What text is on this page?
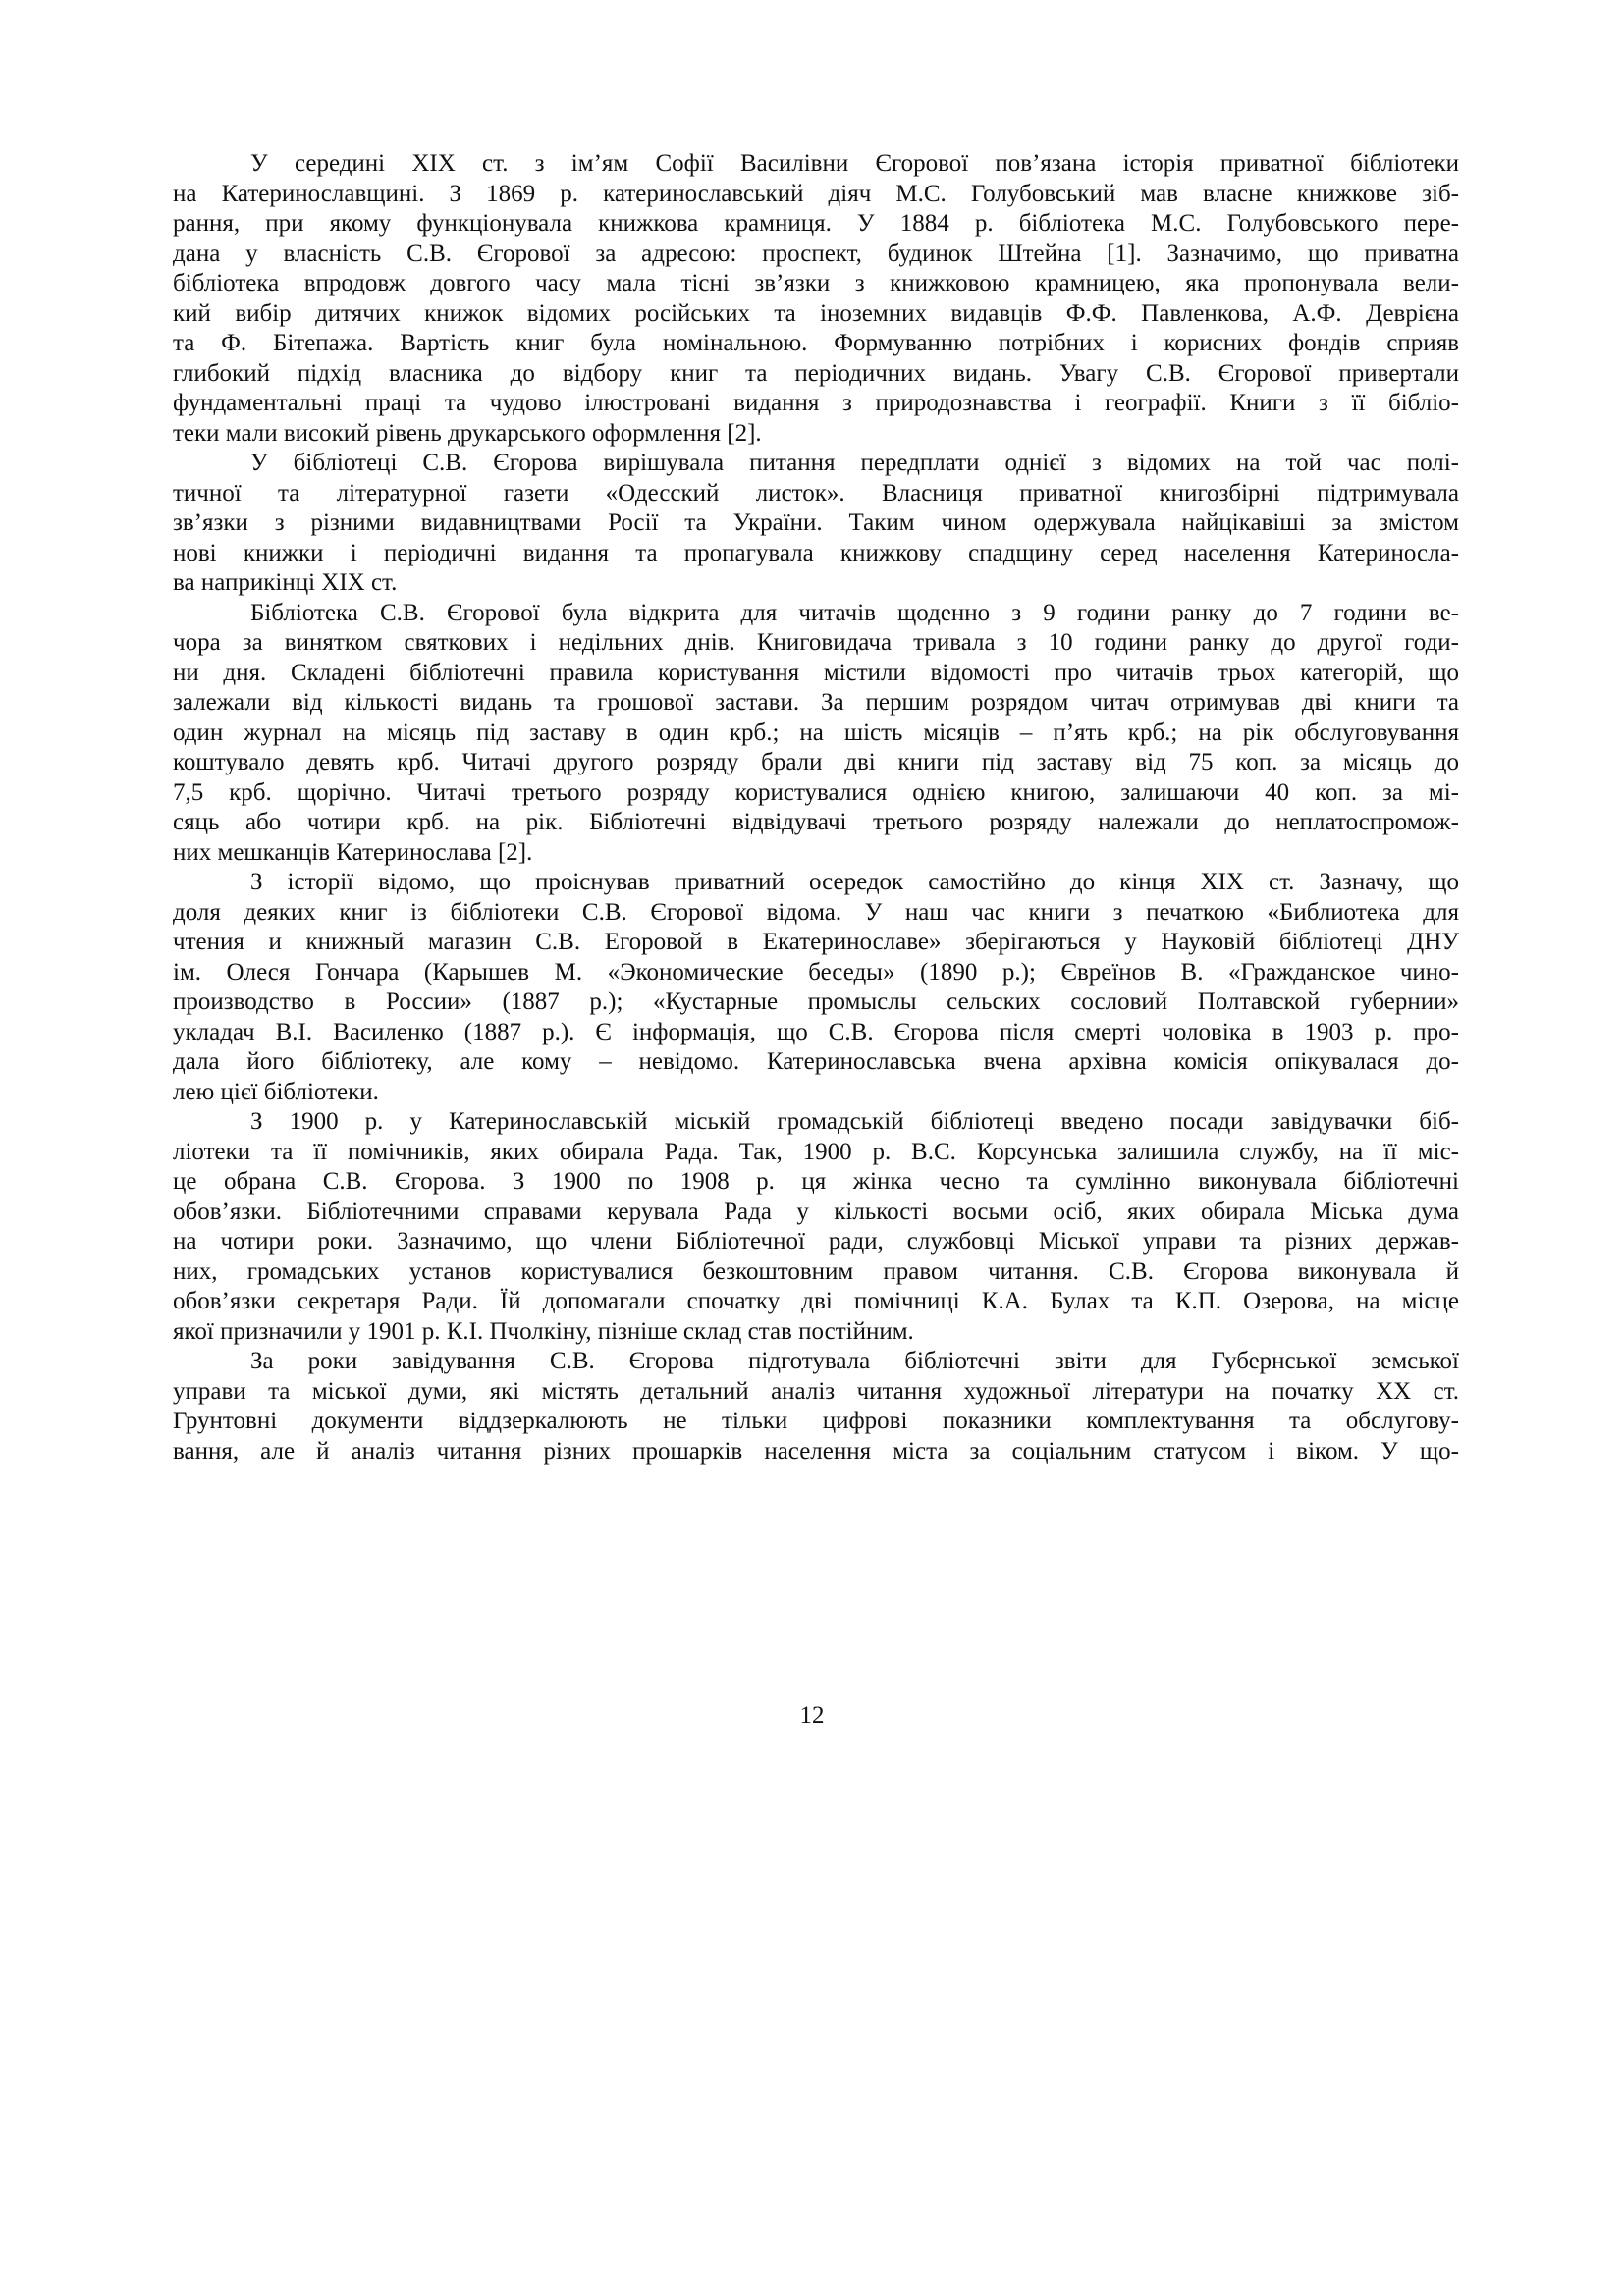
У середині ХІХ ст. з ім’ям Софії Василівни Єгорової пов’язана історія приватної бібліотеки
на Катеринославщині. З 1869 р. катеринославський діяч М.С. Голубовський мав власне книжкове зіб-
рання, при якому функціонувала книжкова крамниця. У 1884 р. бібліотека М.С. Голубовського пере-
дана у власність С.В. Єгорової за адресою: проспект, будинок Штейна [1]. Зазначимо, що приватна
бібліотека впродовж довгого часу мала тісні зв’язки з книжковою крамницею, яка пропонувала вели-
кий вибір дитячих книжок відомих російських та іноземних видавців Ф.Ф. Павленкова, А.Ф. Деврієна
та Ф. Бітепажа. Вартість книг була номінальною. Формуванню потрібних і корисних фондів сприяв
глибокий підхід власника до відбору книг та періодичних видань. Увагу С.В. Єгорової привертали
фундаментальні праці та чудово ілюстровані видання з природознавства і географії. Книги з її бібліо-
теки мали високий рівень друкарського оформлення [2].
У бібліотеці С.В. Єгорова вирішувала питання передплати однієї з відомих на той час полі-
тичної та літературної газети «Одесский листок». Власниця приватної книгозбірні підтримувала
зв’язки з різними видавництвами Росії та України. Таким чином одержувала найцікавіші за змістом
нові книжки і періодичні видання та пропагувала книжкову спадщину серед населення Катериносла-
ва наприкінці ХІХ ст.
Бібліотека С.В. Єгорової була відкрита для читачів щоденно з 9 години ранку до 7 години ве-
чора за винятком святкових і недільних днів. Книговидача тривала з 10 години ранку до другої годи-
ни дня. Складені бібліотечні правила користування містили відомості про читачів трьох категорій, що
залежали від кількості видань та грошової застави. За першим розрядом читач отримував дві книги та
один журнал на місяць під заставу в один крб.; на шість місяців – п’ять крб.; на рік обслуговування
коштувало девять крб. Читачі другого розряду брали дві книги під заставу від 75 коп. за місяць до
7,5 крб. щорічно. Читачі третього розряду користувалися однією книгою, залишаючи 40 коп. за мі-
сяць або чотири крб. на рік. Бібліотечні відвідувачі третього розряду належали до неплатоспромож-
них мешканців Катеринослава [2].
З історії відомо, що проіснував приватний осередок самостійно до кінця ХІХ ст. Зазначу, що
доля деяких книг із бібліотеки С.В. Єгорової відома. У наш час книги з печаткою «Библиотека для
чтения и книжный магазин С.В. Егоровой в Екатеринославе» зберігаються у Науковій бібліотеці ДНУ
ім. Олеся Гончара (Карышев М. «Экономические беседы» (1890 р.); Євреїнов В. «Гражданское чино-
производство в России» (1887 р.); «Кустарные промыслы сельских сословий Полтавской губернии»
укладач В.І. Василенко (1887 р.). Є інформація, що С.В. Єгорова після смерті чоловіка в 1903 р. про-
дала його бібліотеку, але кому – невідомо. Катеринославська вчена архівна комісія опікувалася до-
лею цієї бібліотеки.
З 1900 р. у Катеринославській міській громадській бібліотеці введено посади завідувачки біб-
ліотеки та її помічників, яких обирала Рада. Так, 1900 р. В.С. Корсунська залишила службу, на її міс-
це обрана С.В. Єгорова. З 1900 по 1908 р. ця жінка чесно та сумлінно виконувала бібліотечні
обов’язки. Бібліотечними справами керувала Рада у кількості восьми осіб, яких обирала Міська дума
на чотири роки. Зазначимо, що члени Бібліотечної ради, службовці Міської управи та різних держав-
них, громадських установ користувалися безкоштовним правом читання. С.В. Єгорова виконувала й
обов’язки секретаря Ради. Їй допомагали спочатку дві помічниці К.А. Булах та К.П. Озерова, на місце
якої призначили у 1901 р. К.І. Пчолкіну, пізніше склад став постійним.
За роки завідування С.В. Єгорова підготувала бібліотечні звіти для Губернської земської
управи та міської думи, які містять детальний аналіз читання художньої літератури на початку ХХ ст.
Грунтовні документи віддзеркалюють не тільки цифрові показники комплектування та обслугову-
вання, але й аналіз читання різних прошарків населення міста за соціальним статусом і віком. У що-
12
